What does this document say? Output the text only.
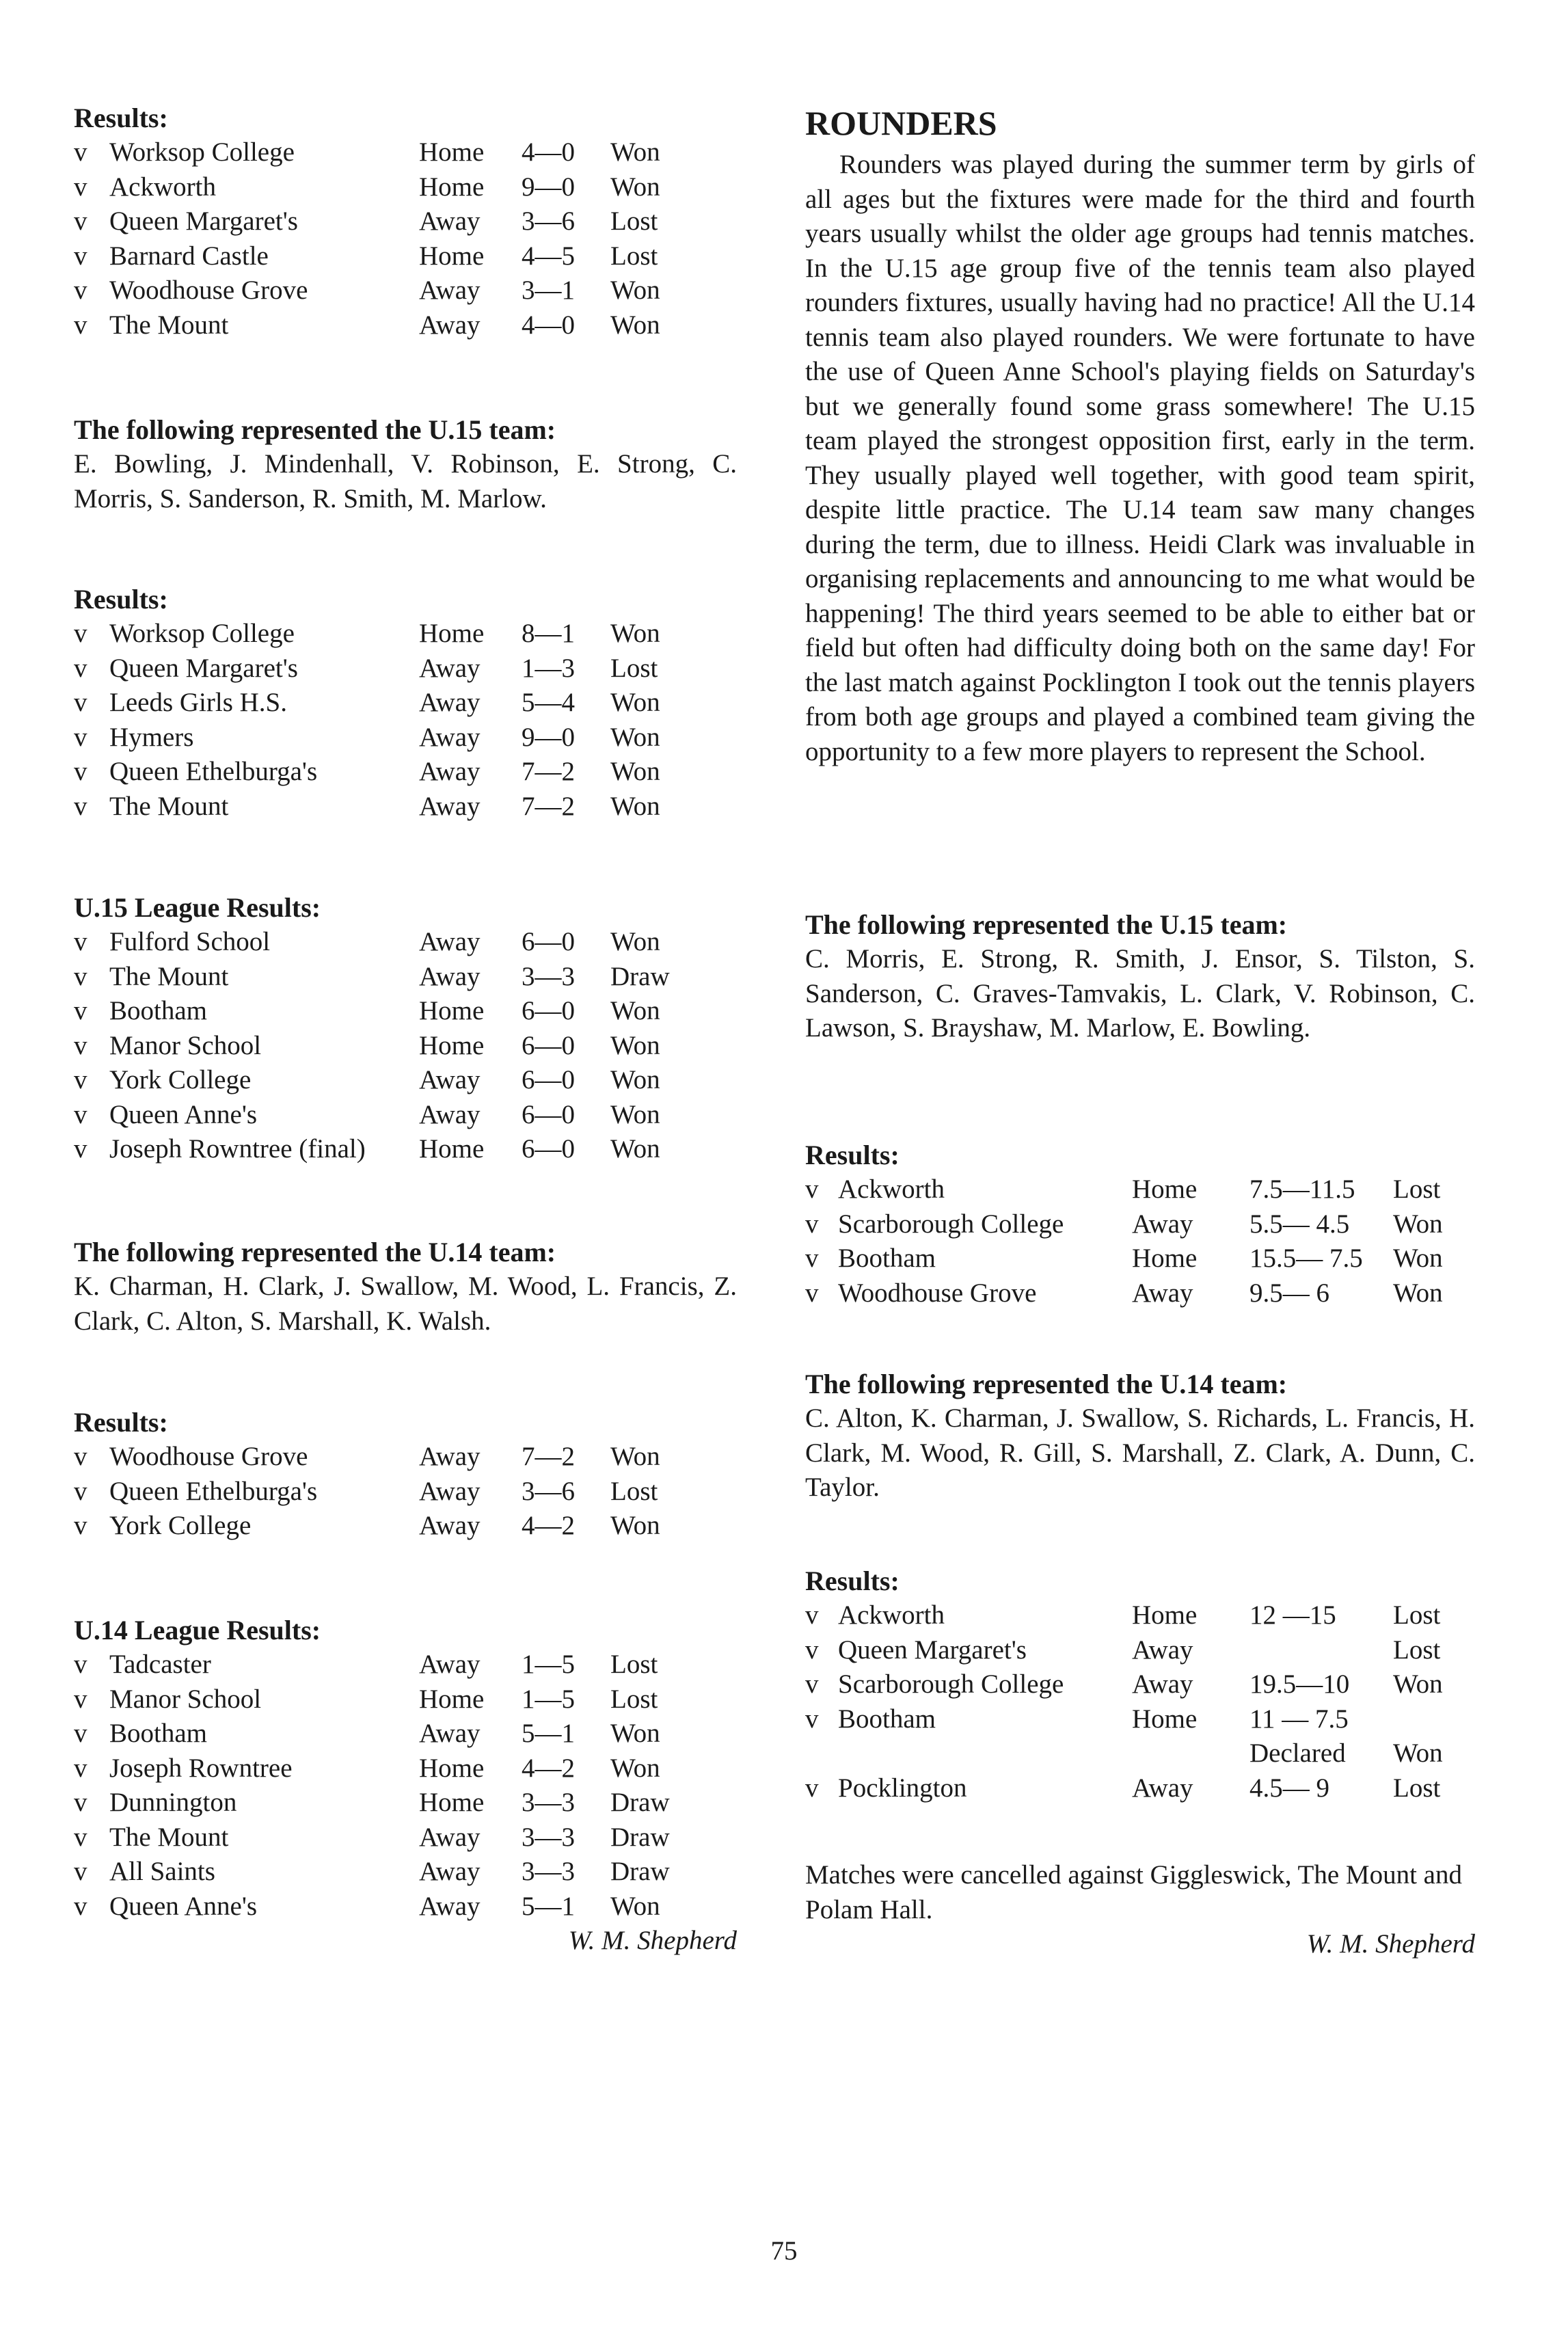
Results:
v Worksop College	Home 4—0 Won
v Ackworth	Home 9—0 Won
v Queen Margaret's	Away 3—6 Lost
v Barnard Castle	Home 4—5 Lost
v Woodhouse Grove	Away 3—1 Won
v The Mount	Away 4—0 Won
The following represented the U.15 team:
E. Bowling, J. Mindenhall, V. Robinson, E. Strong, C. Morris, S. Sanderson, R. Smith, M. Marlow.
Results:
v Worksop College	Home 8—1 Won
v Queen Margaret's	Away 1—3 Lost
v Leeds Girls H.S.	Away 5—4 Won
v Hymers	Away 9—0 Won
v Queen Ethelburga's	Away 7—2 Won
v The Mount	Away 7—2 Won
U.15 League Results:
v Fulford School	Away 6—0 Won
v The Mount	Away 3—3 Draw
v Bootham	Home 6—0 Won
v Manor School	Home 6—0 Won
v York College	Away 6—0 Won
v Queen Anne's	Away 6—0 Won
v Joseph Rowntree (final) Home 6—0 Won
The following represented the U.14 team:
K. Charman, H. Clark, J. Swallow, M. Wood, L. Francis, Z. Clark, C. Alton, S. Marshall, K. Walsh.
Results:
v Woodhouse Grove	Away 7—2 Won
v Queen Ethelburga's	Away 3—6 Lost
v York College	Away 4—2 Won
U.14 League Results:
v Tadcaster	Away 1—5 Lost
v Manor School	Home 1—5 Lost
v Bootham	Away 5—1 Won
v Joseph Rowntree	Home 4—2 Won
v Dunnington	Home 3—3 Draw
v The Mount	Away 3—3 Draw
v All Saints	Away 3—3 Draw
v Queen Anne's	Away 5—1 Won
W. M. Shepherd
ROUNDERS
Rounders was played during the summer term by girls of all ages but the fixtures were made for the third and fourth years usually whilst the older age groups had tennis matches. In the U.15 age group five of the tennis team also played rounders fixtures, usually having had no practice! All the U.14 tennis team also played rounders. We were fortunate to have the use of Queen Anne School's playing fields on Saturday's but we generally found some grass somewhere! The U.15 team played the strongest opposition first, early in the term. They usually played well together, with good team spirit, despite little practice. The U.14 team saw many changes during the term, due to illness. Heidi Clark was invaluable in organising replacements and announcing to me what would be happening! The third years seemed to be able to either bat or field but often had difficulty doing both on the same day! For the last match against Pocklington I took out the tennis players from both age groups and played a combined team giving the opportunity to a few more players to represent the School.
The following represented the U.15 team:
C. Morris, E. Strong, R. Smith, J. Ensor, S. Tilston, S. Sanderson, C. Graves-Tamvakis, L. Clark, V. Robinson, C. Lawson, S. Brayshaw, M. Marlow, E. Bowling.
Results:
v Ackworth	Home 7.5—11.5 Lost
v Scarborough College	Away 5.5— 4.5 Won
v Bootham	Home 15.5— 7.5 Won
v Woodhouse Grove	Away 9.5— 6 Won
The following represented the U.14 team:
C. Alton, K. Charman, J. Swallow, S. Richards, L. Francis, H. Clark, M. Wood, R. Gill, S. Marshall, Z. Clark, A. Dunn, C. Taylor.
Results:
v Ackworth	Home 12 —15 Lost
v Queen Margaret's	Away	Lost
v Scarborough College	Away 19.5—10 Won
v Bootham	Home 11 — 7.5
Declared Won
v Pocklington	Away 4.5— 9 Lost
Matches were cancelled against Giggleswick, The Mount and Polam Hall.
W. M. Shepherd
75
